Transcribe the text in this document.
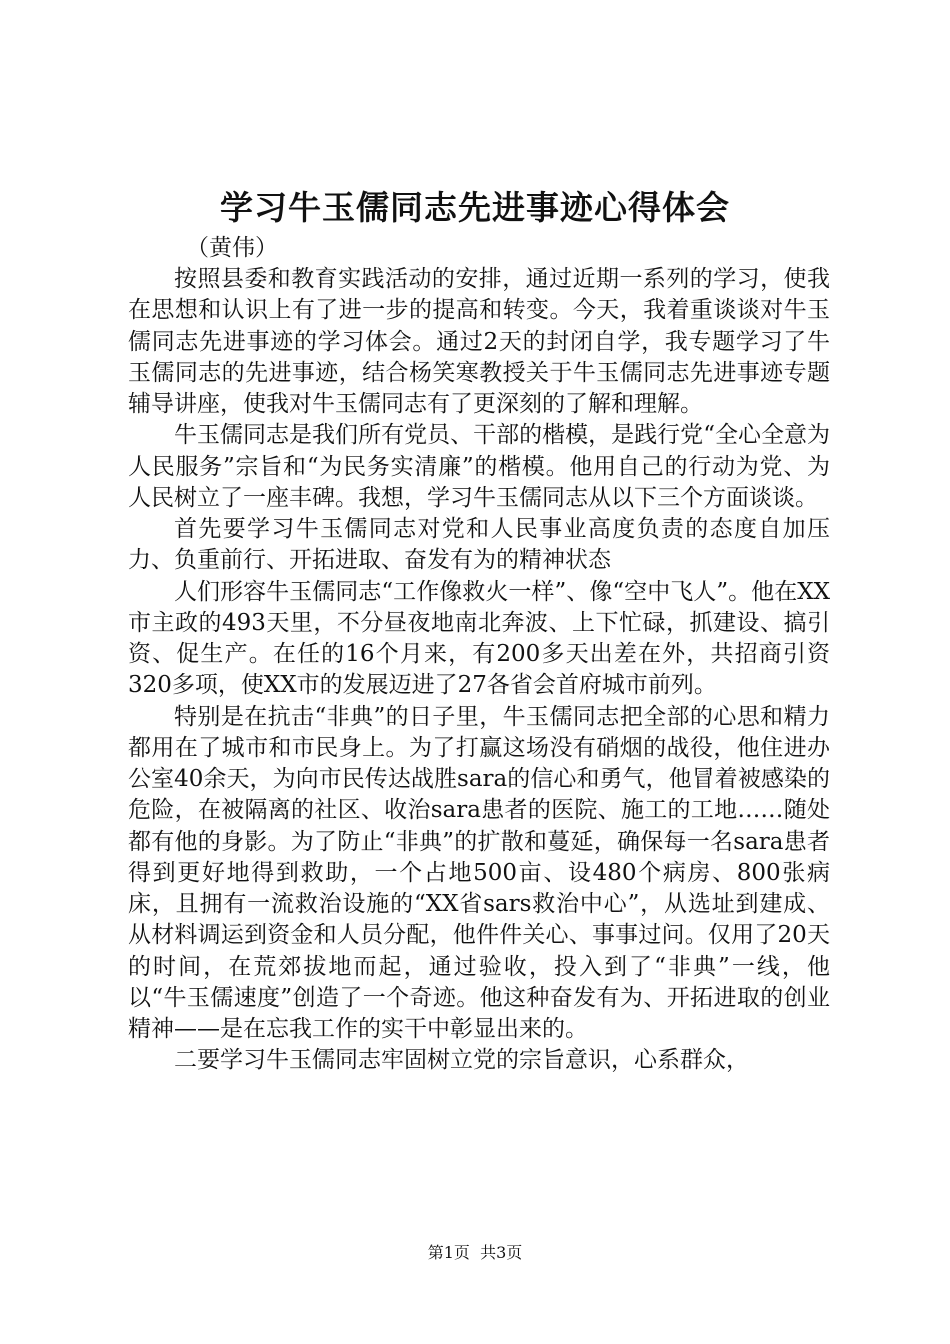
学习牛玉儒同志先进事迹心得体会
（黄伟）

按照县委和教育实践活动的安排，通过近期一系列的学习，使我在思想和认识上有了进一步的提高和转变。今天，我着重谈谈对牛玉儒同志先进事迹的学习体会。通过2天的封闭自学，我专题学习了牛玉儒同志的先进事迹，结合杨笑寒教授关于牛玉儒同志先进事迹专题辅导讲座，使我对牛玉儒同志有了更深刻的了解和理解。

牛玉儒同志是我们所有党员、干部的楷模，是践行党“全心全意为人民服务”宗旨和“为民务实清廉”的楷模。他用自己的行动为党、为人民树立了一座丰碑。我想，学习牛玉儒同志从以下三个方面谈谈。

首先要学习牛玉儒同志对党和人民事业高度负责的态度自加压力、负重前行、开拓进取、奋发有为的精神状态

人们形容牛玉儒同志“工作像救火一样”、像“空中飞人”。他在XX市主政的493天里，不分昼夜地南北奔波、上下忙碌，抓建设、搞引资、促生产。在任的16个月来，有200多天出差在外，共招商引资320多项，使XX市的发展迈进了27各省会首府城市前列。

特别是在抗击“非典”的日子里，牛玉儒同志把全部的心思和精力都用在了城市和市民身上。为了打赢这场没有硝烟的战役，他住进办公室40余天，为向市民传达战胜sara的信心和勇气，他冒着被感染的危险，在被隔离的社区、收治sara患者的医院、施工的工地……随处都有他的身影。为了防止“非典”的扩散和蔓延，确保每一名sara患者得到更好地得到救助，一个占地500亩、设480个病房、800张病床，且拥有一流救治设施的“XX省sars救治中心”，从选址到建成、从材料调运到资金和人员分配，他件件关心、事事过问。仅用了20天的时间，在荒郊拔地而起，通过验收，投入到了“非典”一线，他以“牛玉儒速度”创造了一个奇迹。他这种奋发有为、开拓进取的创业精神——是在忘我工作的实干中彰显出来的。

二要学习牛玉儒同志牢固树立党的宗旨意识，心系群众，

第1页 共3页
